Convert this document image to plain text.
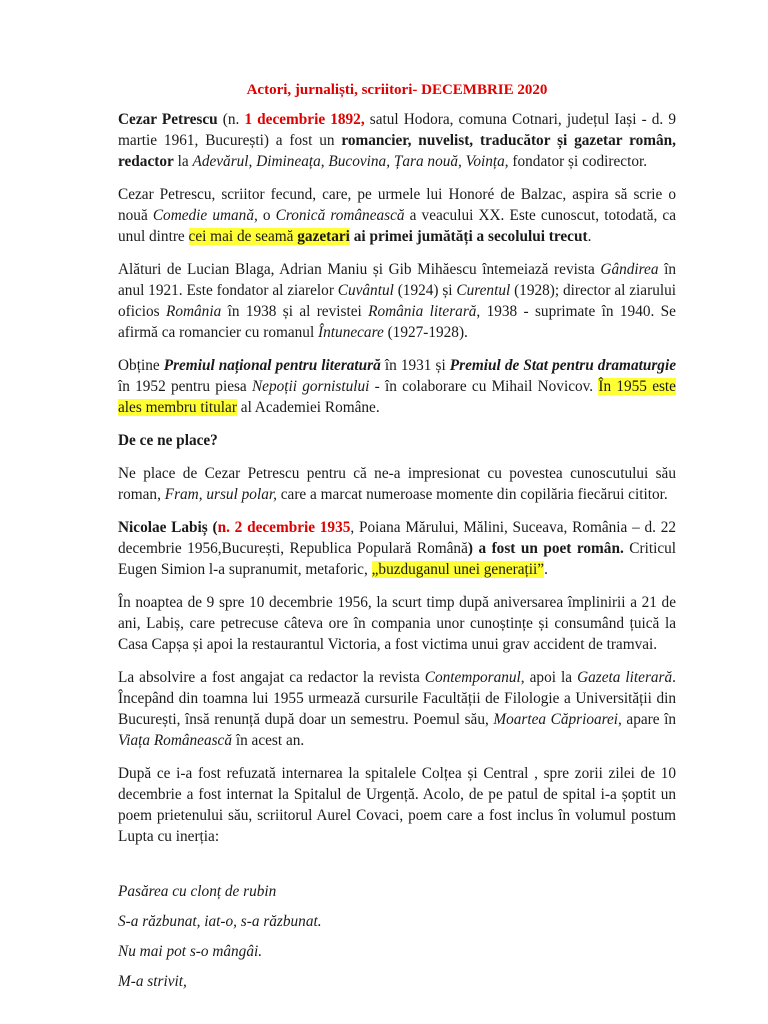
Actori, jurnaliști, scriitori- DECEMBRIE 2020

Cezar Petrescu (n. 1 decembrie 1892, satul Hodora, comuna Cotnari, județul Iași - d. 9 martie 1961, București) a fost un romancier, nuvelist, traducător și gazetar român, redactor la Adevărul, Dimineața, Bucovina, Țara nouă, Voința, fondator și codirector.

Cezar Petrescu, scriitor fecund, care, pe urmele lui Honoré de Balzac, aspira să scrie o nouă Comedie umană, o Cronică românească a veacului XX. Este cunoscut, totodată, ca unul dintre cei mai de seamă gazetari ai primei jumătăți a secolului trecut.

Alături de Lucian Blaga, Adrian Maniu și Gib Mihăescu întemeiază revista Gândirea în anul 1921. Este fondator al ziarelor Cuvântul (1924) și Curentul (1928); director al ziarului oficios România în 1938 și al revistei România literară, 1938 - suprimate în 1940. Se afirmă ca romancier cu romanul Întunecare (1927-1928).

Obține Premiul național pentru literatură în 1931 și Premiul de Stat pentru dramaturgie în 1952 pentru piesa Nepoții gornistului - în colaborare cu Mihail Novicov. În 1955 este ales membru titular al Academiei Române.

De ce ne place?

Ne place de Cezar Petrescu pentru că ne-a impresionat cu povestea cunoscutului său roman, Fram, ursul polar, care a marcat numeroase momente din copilăria fiecărui cititor.

Nicolae Labiș (n. 2 decembrie 1935, Poiana Mărului, Mălini, Suceava, România – d. 22 decembrie 1956,București, Republica Populară Română) a fost un poet român. Criticul Eugen Simion l-a supranumit, metaforic, „buzduganul unei generații”.

În noaptea de 9 spre 10 decembrie 1956, la scurt timp după aniversarea împlinirii a 21 de ani, Labiș, care petrecuse câteva ore în compania unor cunoștințe și consumând țuică la Casa Capșa și apoi la restaurantul Victoria, a fost victima unui grav accident de tramvai.

La absolvire a fost angajat ca redactor la revista Contemporanul, apoi la Gazeta literară. Începând din toamna lui 1955 urmează cursurile Facultății de Filologie a Universității din București, însă renunță după doar un semestru. Poemul său, Moartea Căprioarei, apare în Viața Românească în acest an.

După ce i-a fost refuzată internarea la spitalele Colțea și Central , spre zorii zilei de 10 decembrie a fost internat la Spitalul de Urgență. Acolo, de pe patul de spital i-a șoptit un poem prietenului său, scriitorul Aurel Covaci, poem care a fost inclus în volumul postum Lupta cu inerția:

Pasărea cu clonț de rubin

S-a răzbunat, iat-o, s-a răzbunat.

Nu mai pot s-o mângâi.

M-a strivit,
